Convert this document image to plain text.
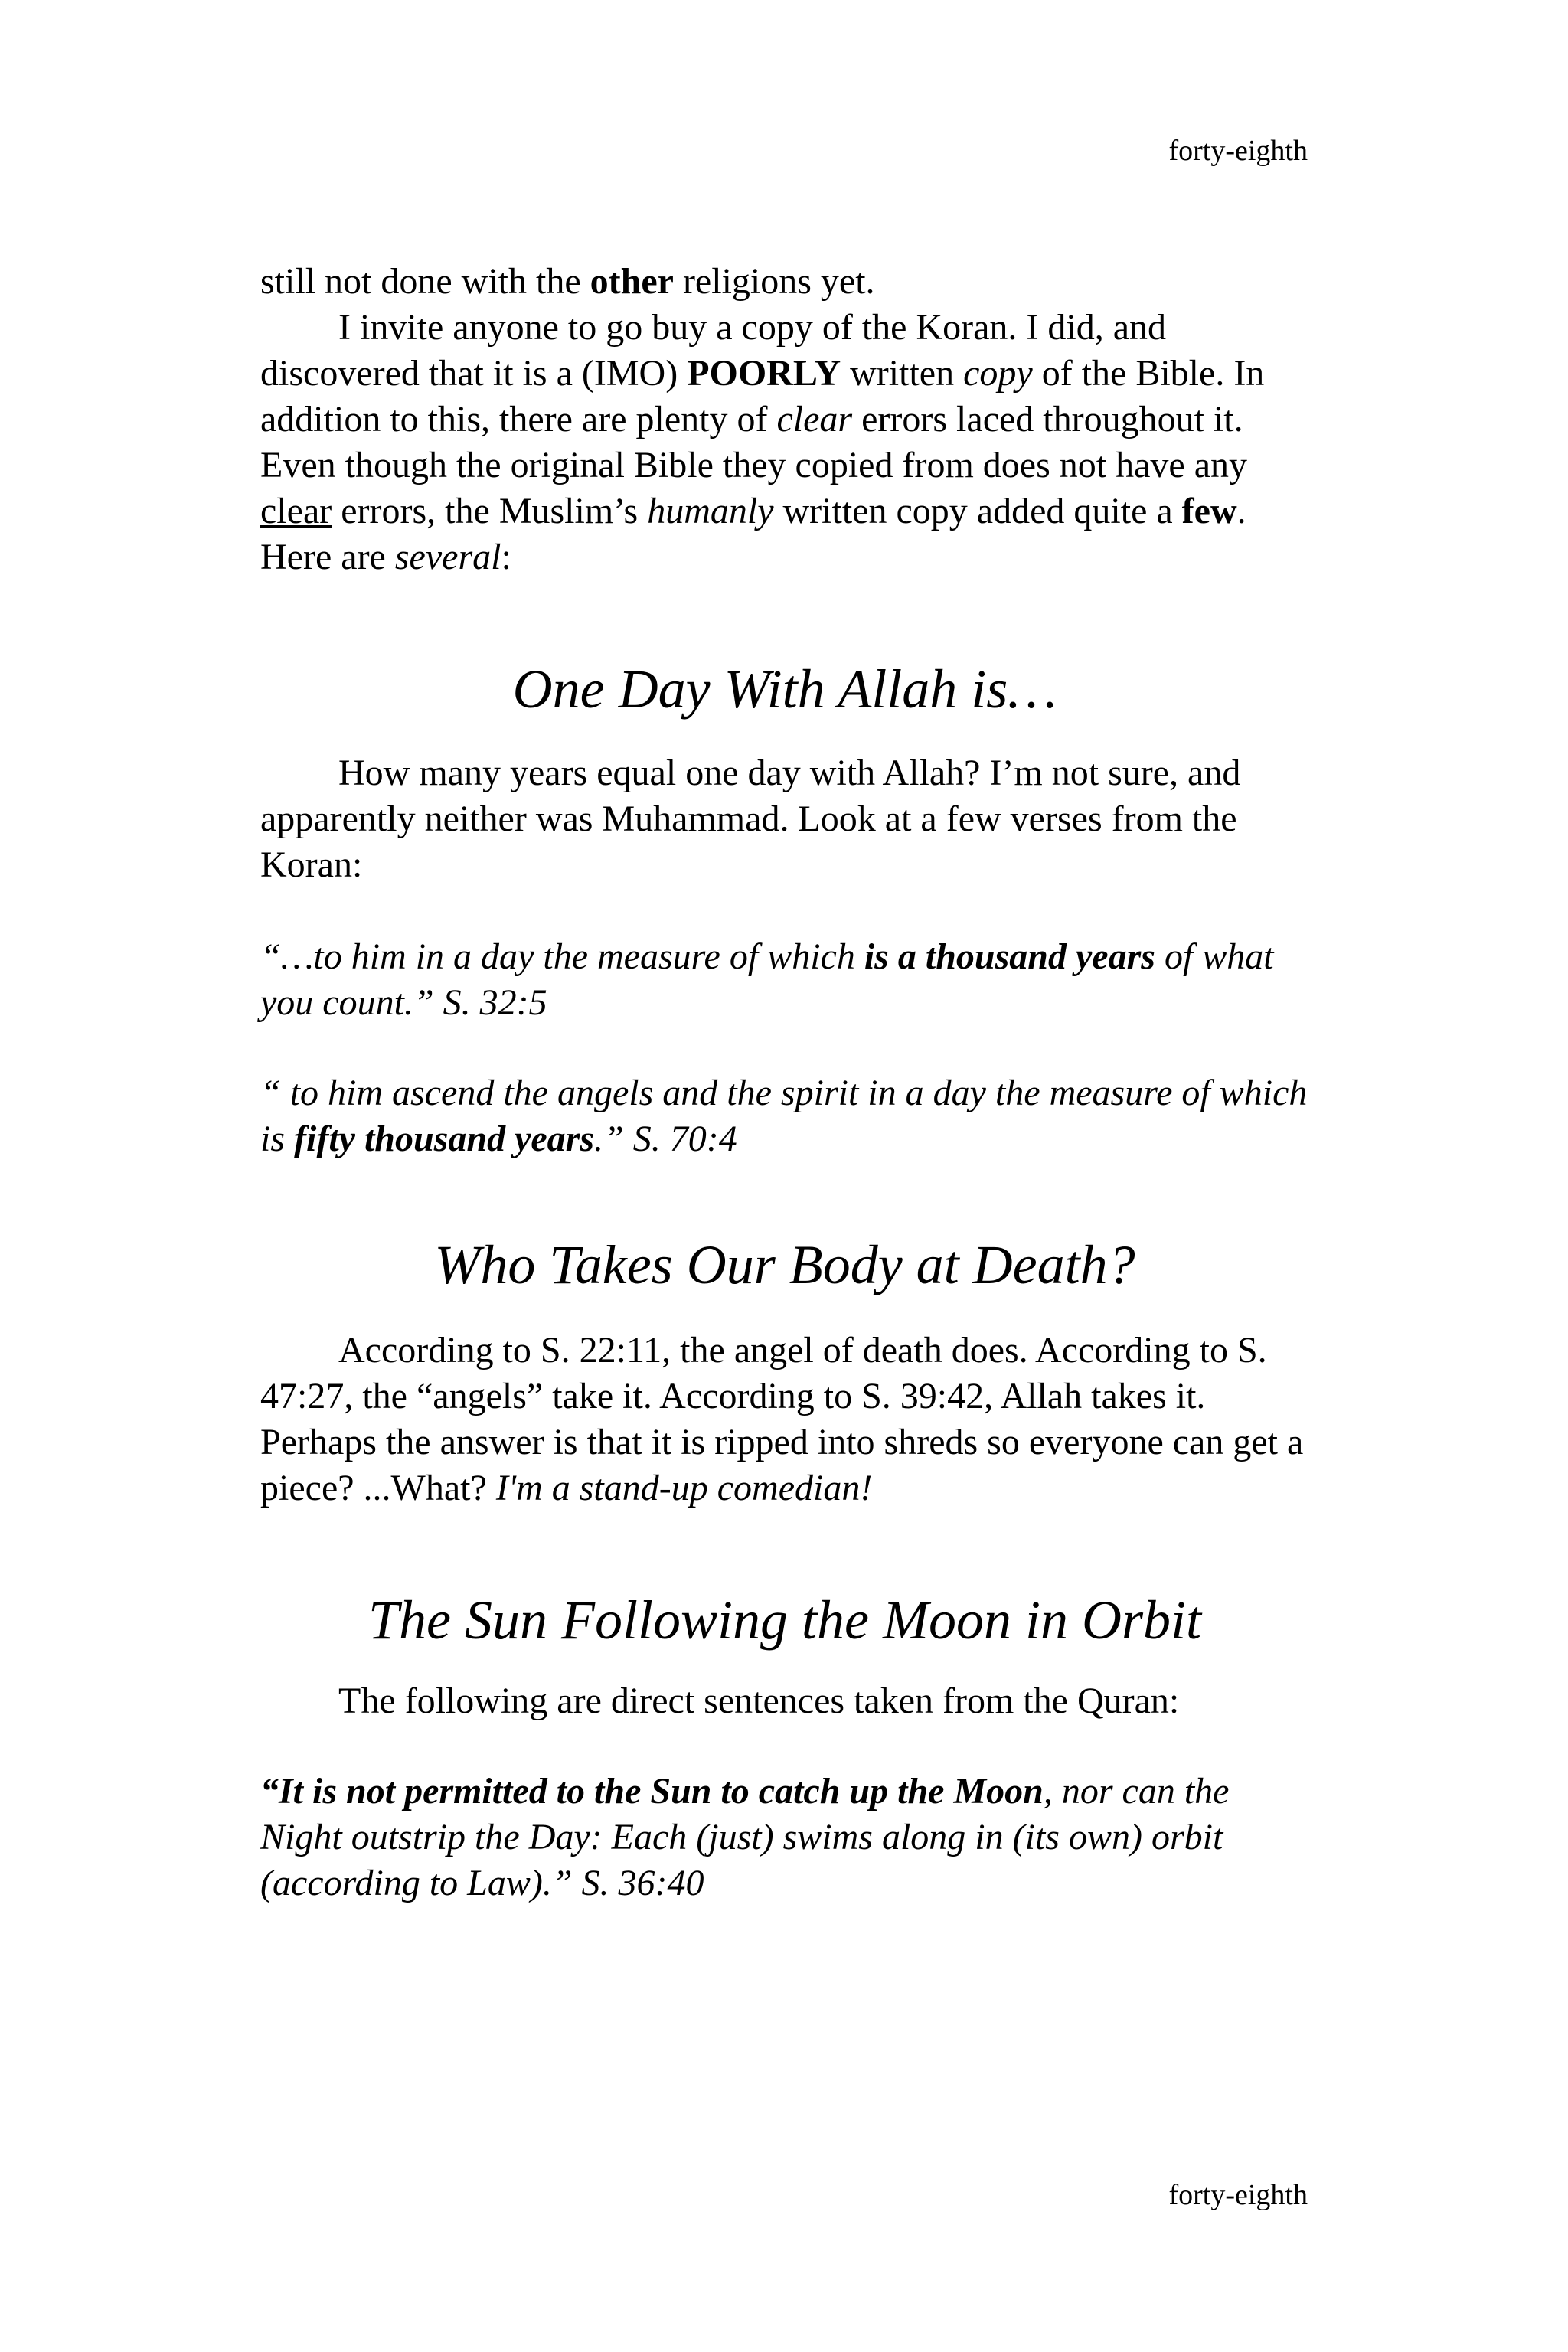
forty-eighth

still not done with the other religions yet.

I invite anyone to go buy a copy of the Koran. I did, and discovered that it is a (IMO) POORLY written copy of the Bible. In addition to this, there are plenty of clear errors laced throughout it. Even though the original Bible they copied from does not have any clear errors, the Muslim’s humanly written copy added quite a few. Here are several:

One Day With Allah is…

How many years equal one day with Allah? I’m not sure, and apparently neither was Muhammad. Look at a few verses from the Koran:

“…to him in a day the measure of which is a thousand years of what you count.” S. 32:5

“ to him ascend the angels and the spirit in a day the measure of which is fifty thousand years.” S. 70:4

Who Takes Our Body at Death?

According to S. 22:11, the angel of death does. According to S. 47:27, the “angels” take it. According to S. 39:42, Allah takes it. Perhaps the answer is that it is ripped into shreds so everyone can get a piece? ...What? I'm a stand-up comedian!

The Sun Following the Moon in Orbit

The following are direct sentences taken from the Quran:

“It is not permitted to the Sun to catch up the Moon, nor can the Night outstrip the Day: Each (just) swims along in (its own) orbit (according to Law).” S. 36:40

forty-eighth
